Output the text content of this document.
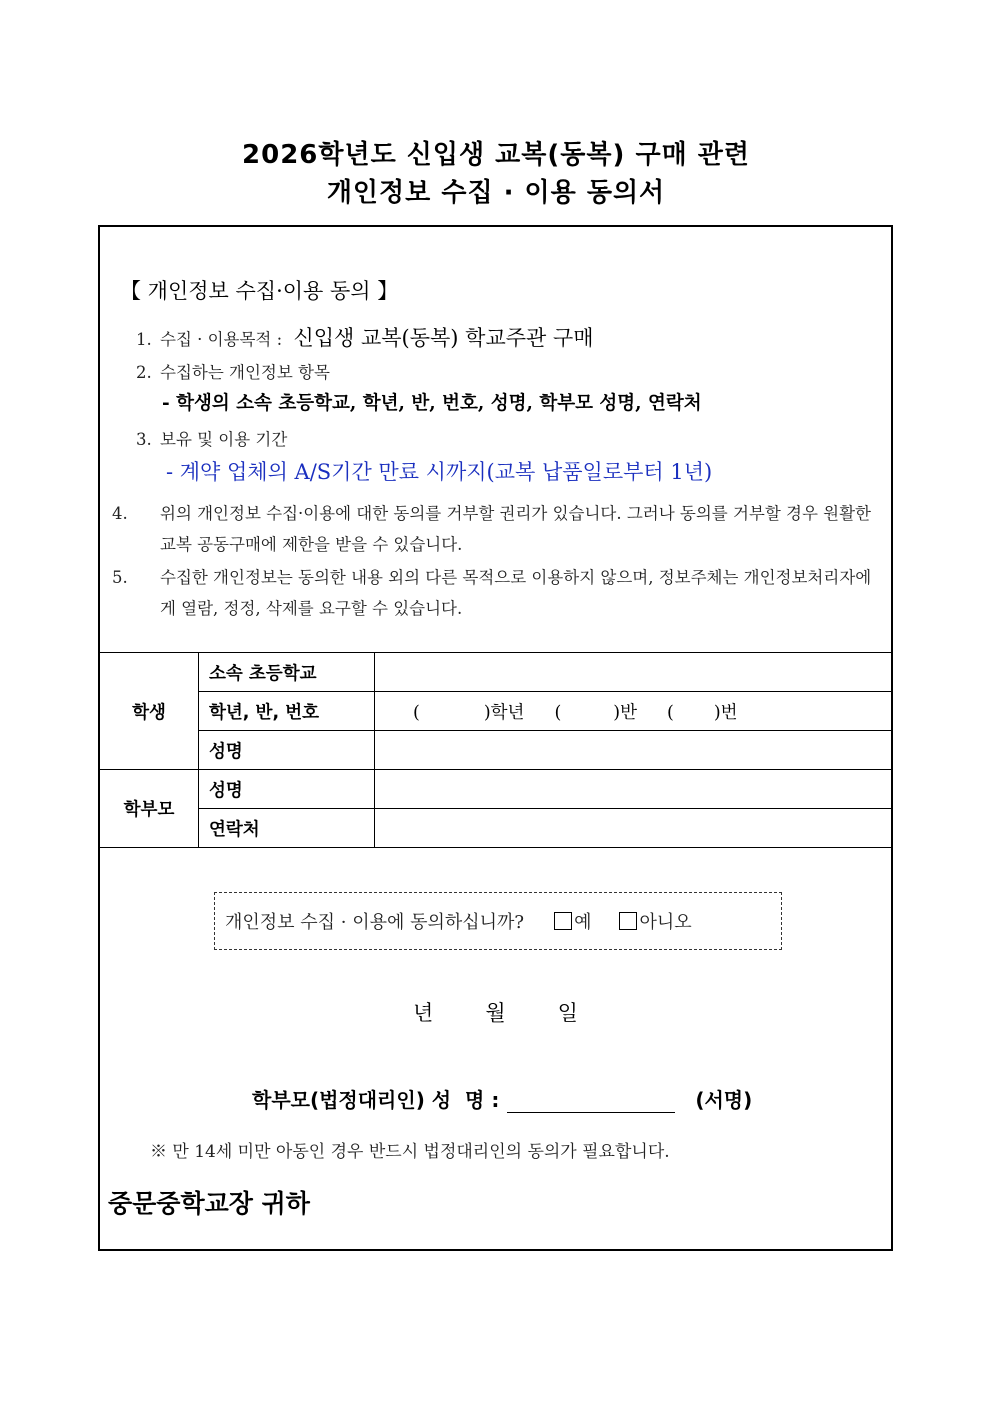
2026학년도 신입생 교복(동복) 구매 관련
개인정보 수집 · 이용 동의서
【 개인정보 수집·이용 동의 】
1. 수집 · 이용목적 : 신입생 교복(동복) 학교주관 구매
2. 수집하는 개인정보 항목
- 학생의 소속 초등학교, 학년, 반, 번호, 성명, 학부모 성명, 연락처
3. 보유 및 이용 기간
- 계약 업체의 A/S기간 만료 시까지(교복 납품일로부터 1년)
4. 위의 개인정보 수집·이용에 대한 동의를 거부할 권리가 있습니다. 그러나 동의를 거부할 경우 원활한 교복 공동구매에 제한을 받을 수 있습니다.
5. 수집한 개인정보는 동의한 내용 외의 다른 목적으로 이용하지 않으며, 정보주체는 개인정보처리자에게 열람, 정정, 삭제를 요구할 수 있습니다.
학생	소속 초등학교	
	학년, 반, 번호	( )학년 ( )반 ( )번
	성명	
학부모	성명	
	연락처	
개인정보 수집 · 이용에 동의하십니까?	예	아니오
년 월 일
학부모(법정대리인) 성  명 :	(서명)
※ 만 14세 미만 아동인 경우 반드시 법정대리인의 동의가 필요합니다.
중문중학교장 귀하
